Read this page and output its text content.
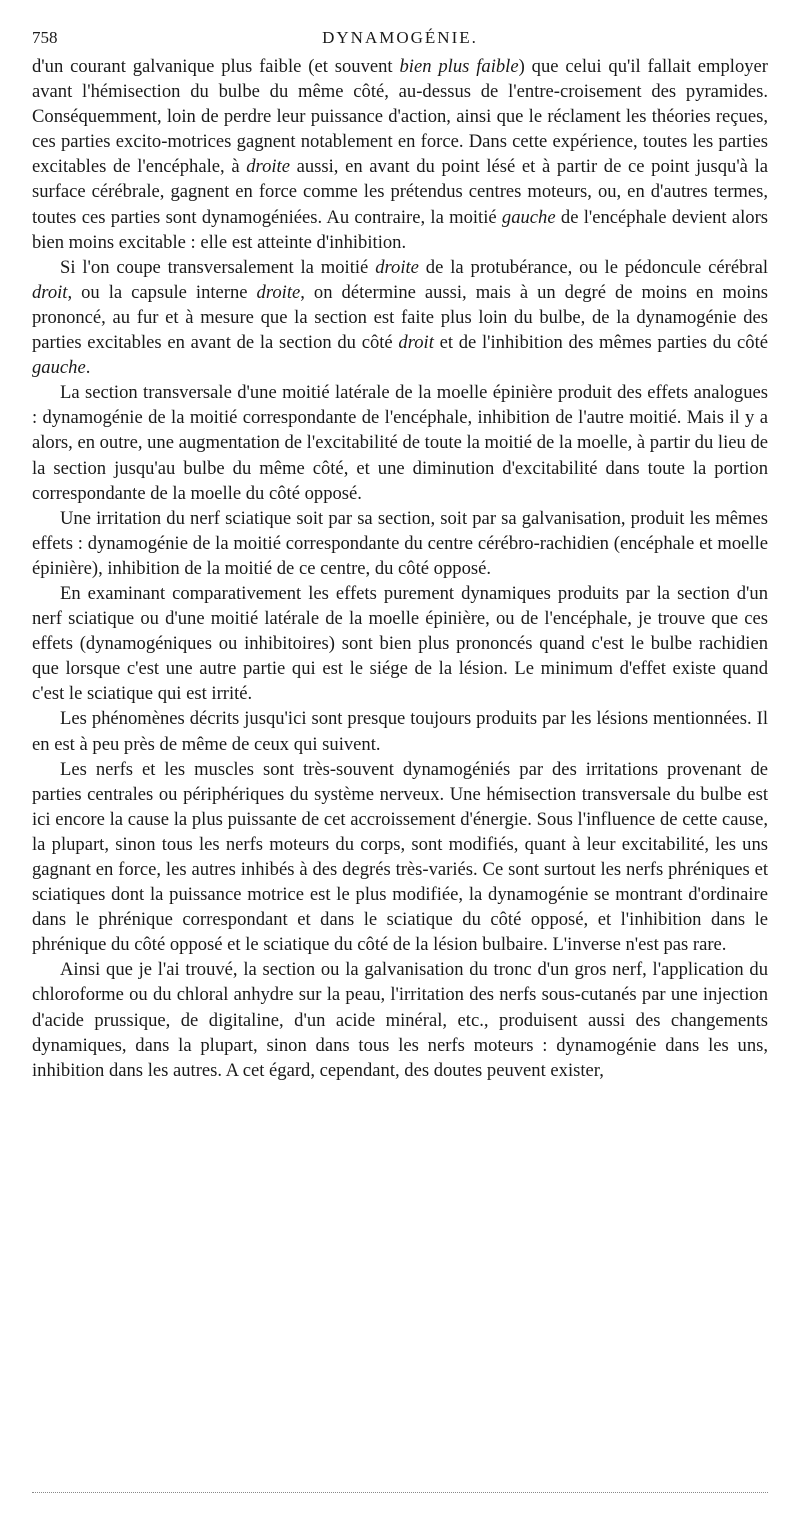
758	DYNAMOGÉNIE.

d'un courant galvanique plus faible (et souvent bien plus faible) que celui qu'il fallait employer avant l'hémisection du bulbe du même côté, au-dessus de l'entre-croisement des pyramides. Conséquemment, loin de perdre leur puissance d'action, ainsi que le réclament les théories reçues, ces parties excito-motrices gagnent notablement en force. Dans cette expérience, toutes les parties excitables de l'encéphale, à droite aussi, en avant du point lésé et à partir de ce point jusqu'à la surface cérébrale, gagnent en force comme les prétendus centres moteurs, ou, en d'autres termes, toutes ces parties sont dynamogéniées. Au contraire, la moitié gauche de l'encéphale devient alors bien moins excitable : elle est atteinte d'inhibition.

Si l'on coupe transversalement la moitié droite de la protubérance, ou le pédoncule cérébral droit, ou la capsule interne droite, on détermine aussi, mais à un degré de moins en moins prononcé, au fur et à mesure que la section est faite plus loin du bulbe, de la dynamogénie des parties excitables en avant de la section du côté droit et de l'inhibition des mêmes parties du côté gauche.

La section transversale d'une moitié latérale de la moelle épinière produit des effets analogues : dynamogénie de la moitié correspondante de l'encéphale, inhibition de l'autre moitié. Mais il y a alors, en outre, une augmentation de l'excitabilité de toute la moitié de la moelle, à partir du lieu de la section jusqu'au bulbe du même côté, et une diminution d'excitabilité dans toute la portion correspondante de la moelle du côté opposé.

Une irritation du nerf sciatique soit par sa section, soit par sa galvanisation, produit les mêmes effets : dynamogénie de la moitié correspondante du centre cérébro-rachidien (encéphale et moelle épinière), inhibition de la moitié de ce centre, du côté opposé.

En examinant comparativement les effets purement dynamiques produits par la section d'un nerf sciatique ou d'une moitié latérale de la moelle épinière, ou de l'encéphale, je trouve que ces effets (dynamogéniques ou inhibitoires) sont bien plus prononcés quand c'est le bulbe rachidien que lorsque c'est une autre partie qui est le siége de la lésion. Le minimum d'effet existe quand c'est le sciatique qui est irrité.

Les phénomènes décrits jusqu'ici sont presque toujours produits par les lésions mentionnées. Il en est à peu près de même de ceux qui suivent.

Les nerfs et les muscles sont très-souvent dynamogéniés par des irritations provenant de parties centrales ou périphériques du système nerveux. Une hémisection transversale du bulbe est ici encore la cause la plus puissante de cet accroissement d'énergie. Sous l'influence de cette cause, la plupart, sinon tous les nerfs moteurs du corps, sont modifiés, quant à leur excitabilité, les uns gagnant en force, les autres inhibés à des degrés très-variés. Ce sont surtout les nerfs phréniques et sciatiques dont la puissance motrice est le plus modifiée, la dynamogénie se montrant d'ordinaire dans le phrénique correspondant et dans le sciatique du côté opposé, et l'inhibition dans le phrénique du côté opposé et le sciatique du côté de la lésion bulbaire. L'inverse n'est pas rare.

Ainsi que je l'ai trouvé, la section ou la galvanisation du tronc d'un gros nerf, l'application du chloroforme ou du chloral anhydre sur la peau, l'irritation des nerfs sous-cutanés par une injection d'acide prussique, de digitaline, d'un acide minéral, etc., produisent aussi des changements dynamiques, dans la plupart, sinon dans tous les nerfs moteurs : dynamogénie dans les uns, inhibition dans les autres. A cet égard, cependant, des doutes peuvent exister,
